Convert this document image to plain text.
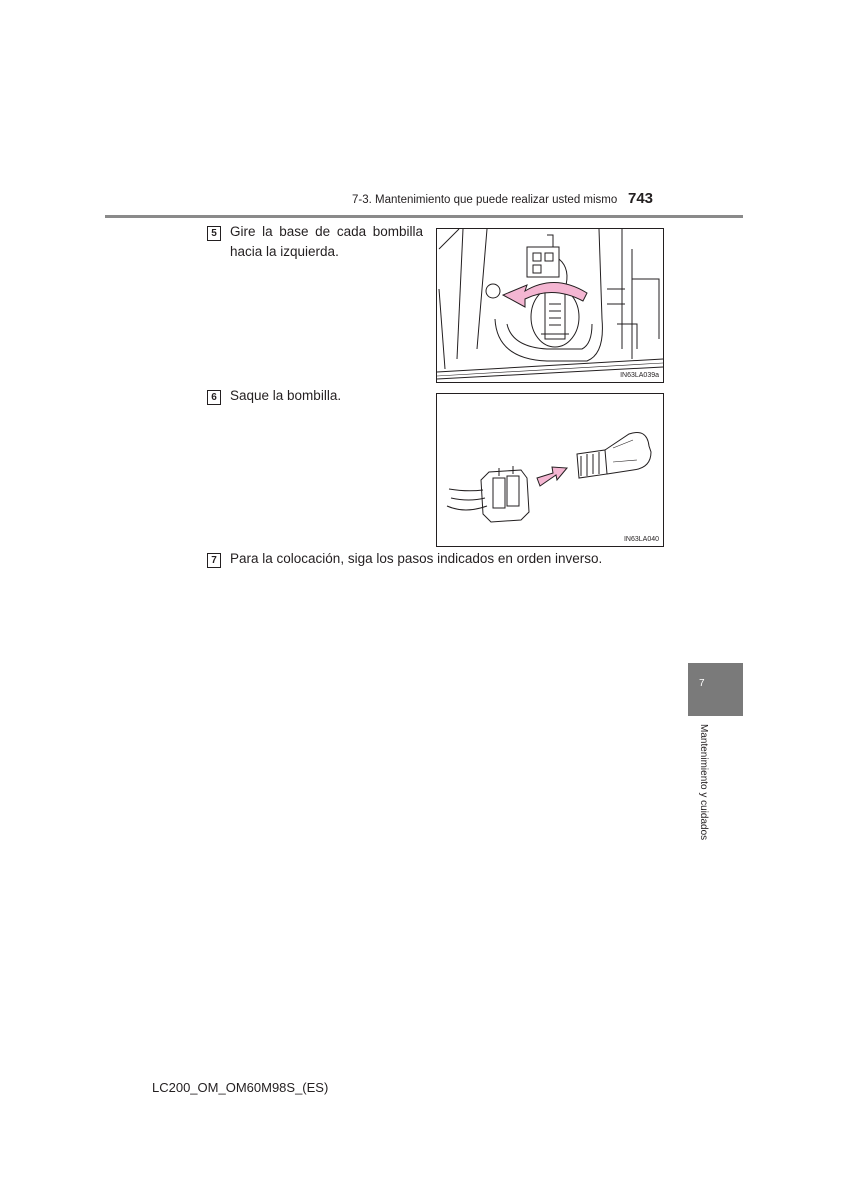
7-3. Mantenimiento que puede realizar usted mismo 743
5 Gire la base de cada bombilla
hacia la izquierda.
IN63LA039a
6 Saque la bombilla.
IN63LA040
7 Para la colocación, siga los pasos indicados en orden inverso.
7
Mantenimiento y cuidados
LC200_OM_OM60M98S_(ES)
